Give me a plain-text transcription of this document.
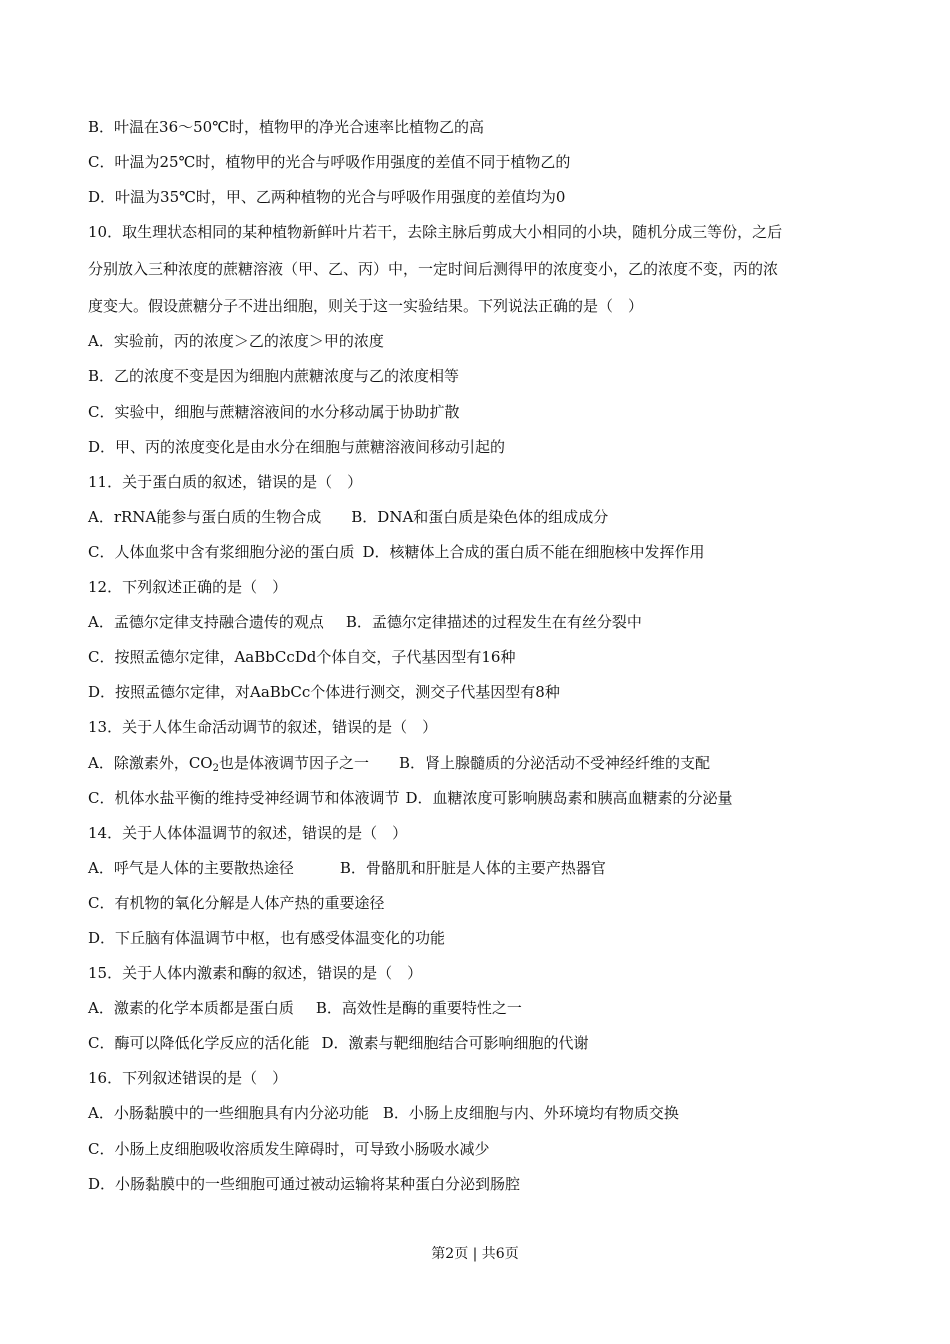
B．叶温在36～50℃时，植物甲的净光合速率比植物乙的高
C．叶温为25℃时，植物甲的光合与呼吸作用强度的差值不同于植物乙的
D．叶温为35℃时，甲、乙两种植物的光合与呼吸作用强度的差值均为0
10．取生理状态相同的某种植物新鲜叶片若干，去除主脉后剪成大小相同的小块，随机分成三等份，之后
分别放入三种浓度的蔗糖溶液（甲、乙、丙）中，一定时间后测得甲的浓度变小，乙的浓度不变，丙的浓
度变大。假设蔗糖分子不进出细胞，则关于这一实验结果。下列说法正确的是（　）
A．实验前，丙的浓度＞乙的浓度＞甲的浓度
B．乙的浓度不变是因为细胞内蔗糖浓度与乙的浓度相等
C．实验中，细胞与蔗糖溶液间的水分移动属于协助扩散
D．甲、丙的浓度变化是由水分在细胞与蔗糖溶液间移动引起的
11．关于蛋白质的叙述，错误的是（　）
A．rRNA能参与蛋白质的生物合成 B．DNA和蛋白质是染色体的组成成分
C．人体血浆中含有浆细胞分泌的蛋白质 D．核糖体上合成的蛋白质不能在细胞核中发挥作用
12．下列叙述正确的是（　）
A．孟德尔定律支持融合遗传的观点 B．孟德尔定律描述的过程发生在有丝分裂中
C．按照孟德尔定律，AaBbCcDd个体自交，子代基因型有16种
D．按照孟德尔定律，对AaBbCc个体进行测交，测交子代基因型有8种
13．关于人体生命活动调节的叙述，错误的是（　）
A．除激素外，$CO_2$也是体液调节因子之一 B．肾上腺髓质的分泌活动不受神经纤维的支配
C．机体水盐平衡的维持受神经调节和体液调节 D．血糖浓度可影响胰岛素和胰高血糖素的分泌量
14．关于人体体温调节的叙述，错误的是（　）
A．呼气是人体的主要散热途径	B．骨骼肌和肝脏是人体的主要产热器官
C．有机物的氧化分解是人体产热的重要途径
D．下丘脑有体温调节中枢，也有感受体温变化的功能
15．关于人体内激素和酶的叙述，错误的是（　）
A．激素的化学本质都是蛋白质 B．高效性是酶的重要特性之一
C．酶可以降低化学反应的活化能 D．激素与靶细胞结合可影响细胞的代谢
16．下列叙述错误的是（　）
A．小肠黏膜中的一些细胞具有内分泌功能 B．小肠上皮细胞与内、外环境均有物质交换
C．小肠上皮细胞吸收溶质发生障碍时，可导致小肠吸水减少
D．小肠黏膜中的一些细胞可通过被动运输将某种蛋白分泌到肠腔
第2页 | 共6页
